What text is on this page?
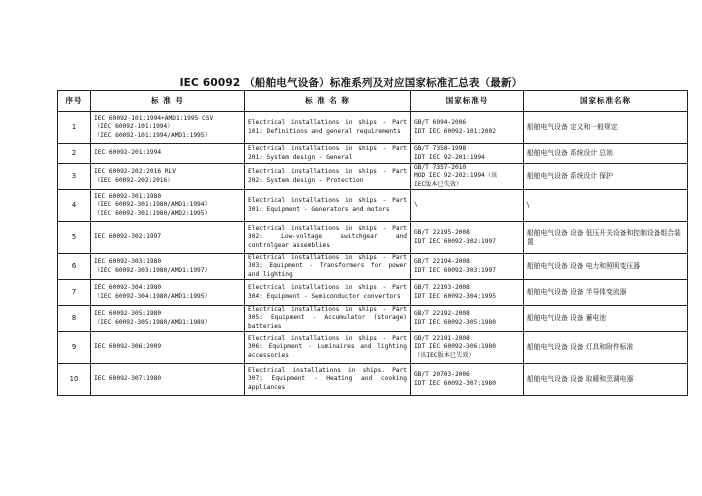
IEC 60092 （船舶电气设备）标准系列及对应国家标准汇总表（最新）
序号	标 准 号	标 准 名 称	国家标准号	国家标准名称
1	IEC 60092-101:1994+AMD1:1995 CSV
（IEC 60092-101:1994）
（IEC 60092-101:1994/AMD1:1995）	Electrical installations in ships - Part 101: Definitions and general requirements	GB/T 6994-2006
IDT IEC 60092-101:2002	船舶电气设备 定义和一般规定
2	IEC 60092-201:1994	Electrical installations in ships - Part 201: System design - General	GB/T 7358-1998
IDT IEC 92-201:1994	船舶电气设备 系统设计 总则
3	IEC 60092-202:2016 RLV
（IEC 60092-202:2016）	Electrical installations in ships - Part 202: System design - Protection	GB/T 7357-2010
MOD IEC 92-202:1994（该
IEC版本已失效）	船舶电气设备 系统设计 保护
4	IEC 60092-301:1980
（IEC 60092-301:1980/AMD1:1994）
（IEC 60092-301:1980/AMD2:1995）	Electrical installations in ships - Part 301: Equipment - Generators and motors	\	\
5	IEC 60092-302:1997	Electrical installations in ships - Part 302: Low-voltage switchgear and controlgear assemblies	GB/T 22195-2008
IDT IEC 60092-302:1997	船舶电气设备 设备 低压开关设备和控制设备组合装置
6	IEC 60092-303:1980
（IEC 60092-303:1980/AMD1:1997）	Electrical installations in ships - Part 303: Equipment - Transformers for power and lighting	GB/T 22194-2008
IDT IEC 60092-303:1997	船舶电气设备 设备 电力和照明变压器
7	IEC 60092-304:1980
（IEC 60092-304:1980/AMD1:1995）	Electrical installations in ships - Part 304: Equipment - Semiconductor convertors	GB/T 22193-2008
IDT IEC 60092-304:1995	船舶电气设备 设备 半导体变流器
8	IEC 60092-305:1980
（IEC 60092-305:1980/AMD1:1989）	Electrical installations in ships - Part 305: Equipment - Accumulator (storage) batteries	GB/T 22192-2008
IDT IEC 60092-305:1980	船舶电气设备 设备 蓄电池
9	IEC 60092-306:2009	Electrical installations in ships - Part 306: Equipment - Luminaires and lighting accessories	GB/T 22191-2008
IDT IEC 60092-306:1980
（该IEC版本已失效）	船舶电气设备 设备 灯具和附件标准
10	IEC 60092-307:1980	Electrical installations in ships. Part 307: Equipment - Heating and cooking appliances	GB/T 20703-2006
IDT IEC 60092-307:1980	船舶电气设备 设备 取暖和烹调电器
